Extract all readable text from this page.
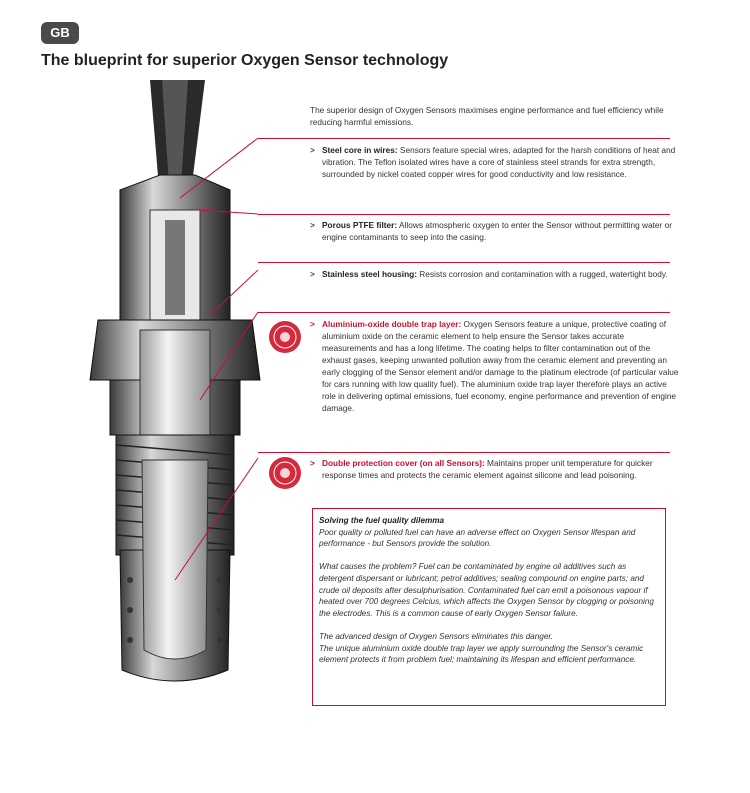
GB
The blueprint for superior Oxygen Sensor technology
The superior design of Oxygen Sensors maximises engine performance and fuel efficiency while reducing harmful emissions.
> Steel core in wires: Sensors feature special wires, adapted for the harsh conditions of heat and vibration. The Teflon isolated wires have a core of stainless steel strands for extra strength, surrounded by nickel coated copper wires for good conductivity and low resistance.
> Porous PTFE filter: Allows atmospheric oxygen to enter the Sensor without permitting water or engine contaminants to seep into the casing.
> Stainless steel housing: Resists corrosion and contamination with a rugged, watertight body.
> Aluminium-oxide double trap layer: Oxygen Sensors feature a unique, protective coating of aluminium oxide on the ceramic element to help ensure the Sensor takes accurate measurements and has a long lifetime. The coating helps to filter contamination out of the exhaust gases, keeping unwanted pollution away from the ceramic element and preventing an early clogging of the Sensor element and/or damage to the platinum electrode (of particular value for cars running with low quality fuel). The aluminium oxide trap layer therefore plays an active role in delivering optimal emissions, fuel economy, engine performance and prevention of engine damage.
> Double protection cover (on all Sensors): Maintains proper unit temperature for quicker response times and protects the ceramic element against silicone and lead poisoning.
Solving the fuel quality dilemma

Poor quality or polluted fuel can have an adverse effect on Oxygen Sensor lifespan and performance - but Sensors provide the solution.

What causes the problem? Fuel can be contaminated by engine oil additives such as detergent dispersant or lubricant; petrol additives; sealing compound on engine parts; and crude oil deposits after desulphurisation. Contaminated fuel can emit a poisonous vapour if heated over 700 degrees Celcius, which affects the Oxygen Sensor by clogging or poisoning the electrodes. This is a common cause of early Oxygen Sensor failure.

The advanced design of Oxygen Sensors eliminates this danger.
The unique aluminium oxide double trap layer we apply surrounding the Sensor's ceramic element protects it from problem fuel; maintaining its lifespan and efficient performance.
